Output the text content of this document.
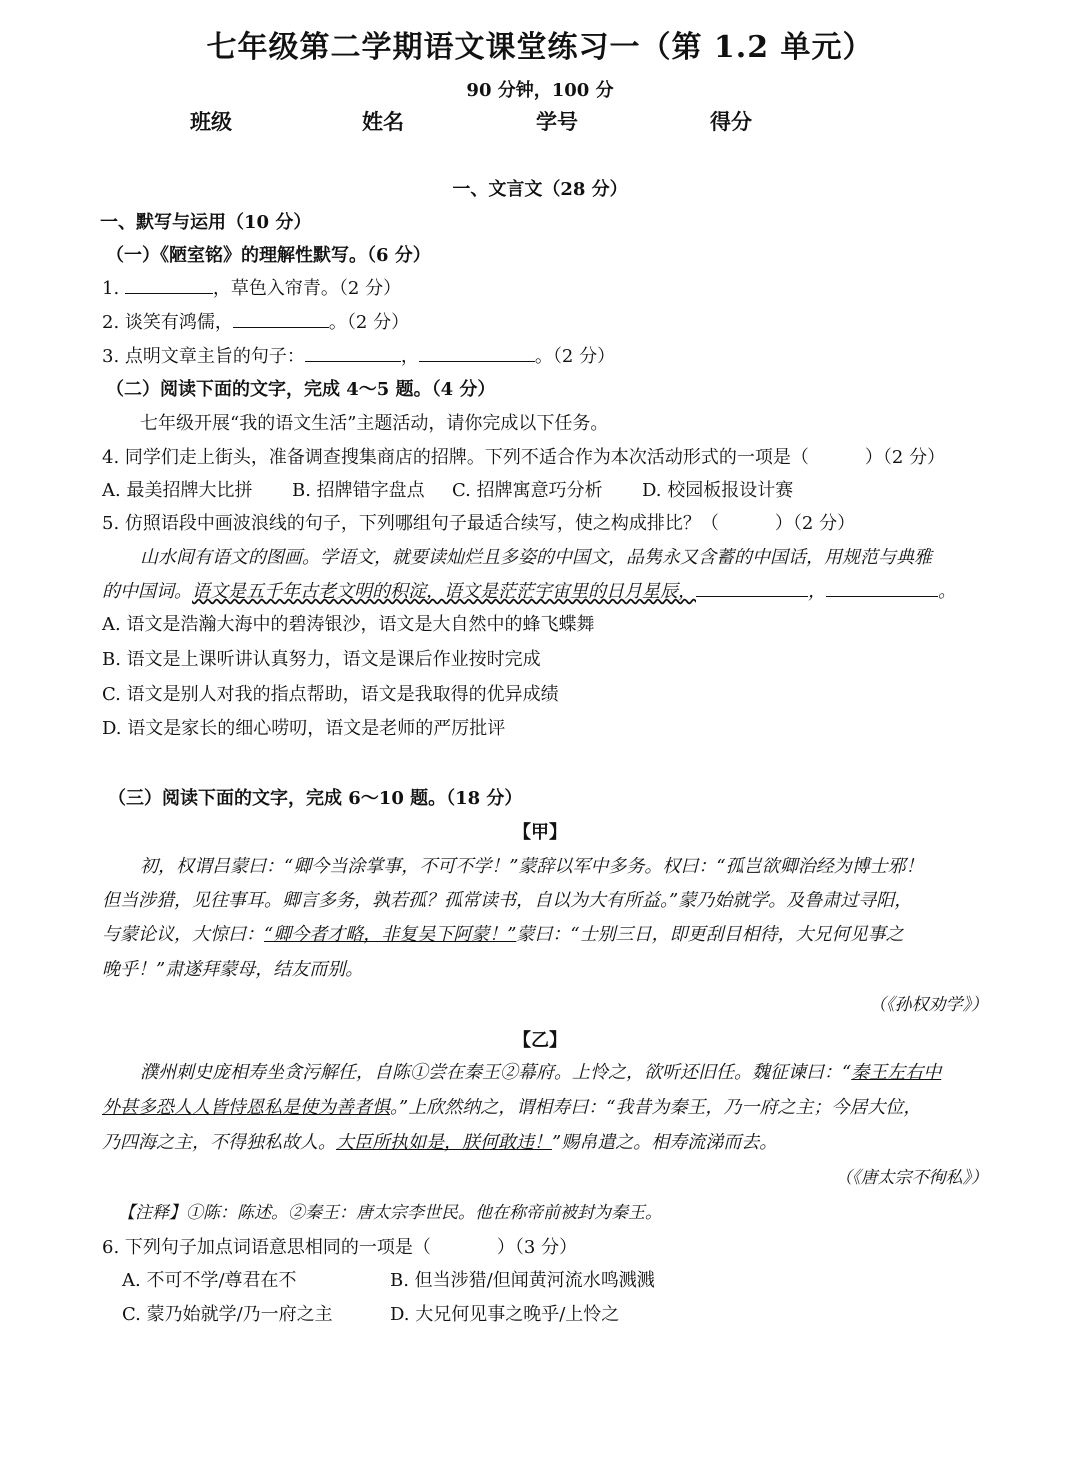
七年级第二学期语文课堂练习一（第 1.2 单元）
90 分钟，100 分
班级	姓名	学号	得分
一、文言文（28 分）
一、默写与运用（10 分）
（一）《陋室铭》的理解性默写。（6 分）
1.	，草色入帘青。（2 分）
2. 谈笑有鸿儒，	。（2 分）
3. 点明文章主旨的句子：	，	。（2 分）
（二）阅读下面的文字，完成 4～5 题。（4 分）
七年级开展“我的语文生活”主题活动，请你完成以下任务。
4. 同学们走上街头，准备调查搜集商店的招牌。下列不适合作为本次活动形式的一项是（	）（2 分）
A. 最美招牌大比拼 B. 招牌错字盘点 C. 招牌寓意巧分析 D. 校园板报设计赛
5. 仿照语段中画波浪线的句子，下列哪组句子最适合续写，使之构成排比？（	）（2 分）
山水间有语文的图画。学语文，就要读灿烂且多姿的中国文，品隽永又含蓄的中国话，用规范与典雅
的中国词。语文是五千年古老文明的积淀，语文是茫茫宇宙里的日月星辰，	，	。
A. 语文是浩瀚大海中的碧涛银沙，语文是大自然中的蜂飞蝶舞
B. 语文是上课听讲认真努力，语文是课后作业按时完成
C. 语文是别人对我的指点帮助，语文是我取得的优异成绩
D. 语文是家长的细心唠叨，语文是老师的严厉批评
（三）阅读下面的文字，完成 6～10 题。（18 分）
【甲】
初，权谓吕蒙曰：“卿今当涂掌事，不可不学！”蒙辞以军中多务。权曰：“孤岂欲卿治经为博士邪！
但当涉猎，见往事耳。卿言多务，孰若孤？孤常读书，自以为大有所益。”蒙乃始就学。及鲁肃过寻阳，
与蒙论议，大惊曰：“卿今者才略，非复吴下阿蒙！”蒙曰：“士别三日，即更刮目相待，大兄何见事之
晚乎！”肃遂拜蒙母，结友而别。
（《孙权劝学》）
【乙】
濮州刺史庞相寿坐贪污解任，自陈①尝在秦王②幕府。上怜之，欲听还旧任。魏征谏曰：“秦王左右中
外甚多恐人人皆恃恩私是使为善者惧。”上欣然纳之，谓相寿曰：“我昔为秦王，乃一府之主；今居大位，
乃四海之主，不得独私故人。大臣所执如是，朕何敢违！”赐帛遣之。相寿流涕而去。
（《唐太宗不徇私》）
【注释】①陈：陈述。②秦王：唐太宗李世民。他在称帝前被封为秦王。
6. 下列句子加点词语意思相同的一项是（	）（3 分）
A. 不可不学/尊君在不	B. 但当涉猎/但闻黄河流水鸣溅溅
C. 蒙乃始就学/乃一府之主	D. 大兄何见事之晚乎/上怜之
